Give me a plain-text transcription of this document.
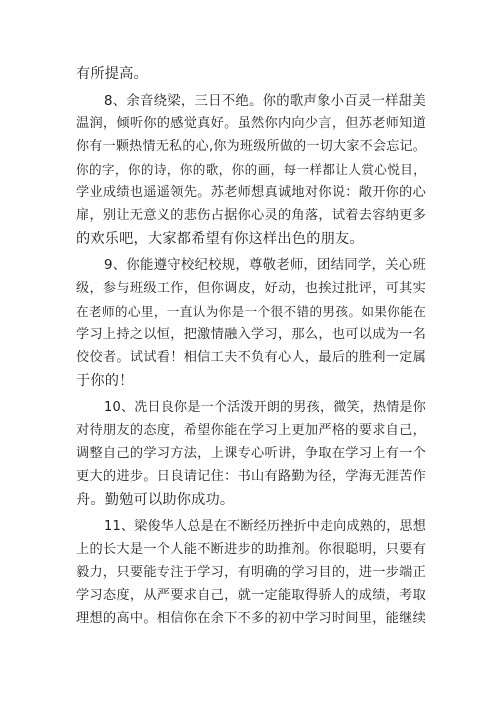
有所提高。
8、余音绕梁，三日不绝。你的歌声象小百灵一样甜美
温润，倾听你的感觉真好。虽然你内向少言，但苏老师知道
你有一颗热情无私的心,你为班级所做的一切大家不会忘记。
你的字，你的诗，你的歌，你的画，每一样都让人赏心悦目，
学业成绩也遥遥领先。苏老师想真诚地对你说：敞开你的心
扉，别让无意义的悲伤占据你心灵的角落，试着去容纳更多
的欢乐吧，大家都希望有你这样出色的朋友。
9、你能遵守校纪校规，尊敬老师，团结同学，关心班
级，参与班级工作，但你调皮，好动，也挨过批评，可其实
在老师的心里，一直认为你是一个很不错的男孩。如果你能在
学习上持之以恒，把激情融入学习，那么，也可以成为一名
佼佼者。试试看！相信工夫不负有心人，最后的胜利一定属
于你的！
10、冼日良你是一个活泼开朗的男孩，微笑，热情是你
对待朋友的态度，希望你能在学习上更加严格的要求自己，
调整自己的学习方法，上课专心听讲，争取在学习上有一个
更大的进步。日良请记住：书山有路勤为径，学海无涯苦作
舟。勤勉可以助你成功。
11、梁俊华人总是在不断经历挫折中走向成熟的，思想
上的长大是一个人能不断进步的助推剂。你很聪明，只要有
毅力，只要能专注于学习，有明确的学习目的，进一步端正
学习态度，从严要求自己，就一定能取得骄人的成绩，考取
理想的高中。相信你在余下不多的初中学习时间里，能继续
